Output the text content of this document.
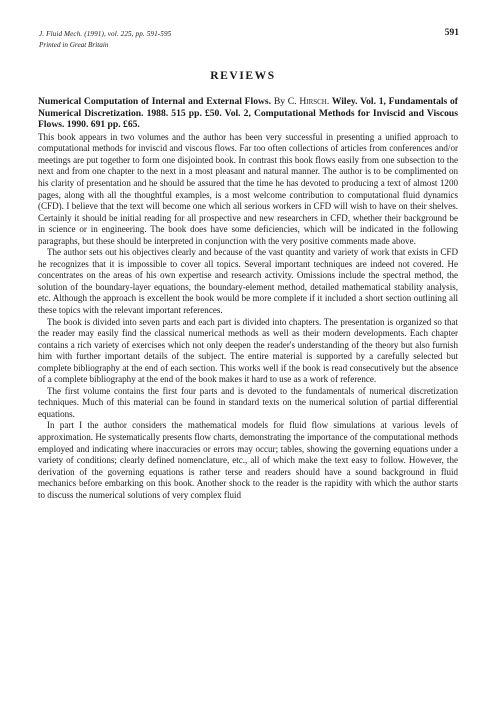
J. Fluid Mech. (1991), vol. 225, pp. 591-595
Printed in Great Britain
591
REVIEWS

Numerical Computation of Internal and External Flows. By C. Hirsch. Wiley. Vol. 1, Fundamentals of Numerical Discretization. 1988. 515 pp. £50. Vol. 2, Computational Methods for Inviscid and Viscous Flows. 1990. 691 pp. £65.

This book appears in two volumes and the author has been very successful in presenting a unified approach to computational methods for inviscid and viscous flows. Far too often collections of articles from conferences and/or meetings are put together to form one disjointed book. In contrast this book flows easily from one subsection to the next and from one chapter to the next in a most pleasant and natural manner. The author is to be complimented on his clarity of presentation and he should be assured that the time he has devoted to producing a text of almost 1200 pages, along with all the thoughtful examples, is a most welcome contribution to computational fluid dynamics (CFD). I believe that the text will become one which all serious workers in CFD will wish to have on their shelves. Certainly it should be initial reading for all prospective and new researchers in CFD, whether their background be in science or in engineering. The book does have some deficiencies, which will be indicated in the following paragraphs, but these should be interpreted in conjunction with the very positive comments made above.

The author sets out his objectives clearly and because of the vast quantity and variety of work that exists in CFD he recognizes that it is impossible to cover all topics. Several important techniques are indeed not covered. He concentrates on the areas of his own expertise and research activity. Omissions include the spectral method, the solution of the boundary-layer equations, the boundary-element method, detailed mathematical stability analysis, etc. Although the approach is excellent the book would be more complete if it included a short section outlining all these topics with the relevant important references.

The book is divided into seven parts and each part is divided into chapters. The presentation is organized so that the reader may easily find the classical numerical methods as well as their modern developments. Each chapter contains a rich variety of exercises which not only deepen the reader's understanding of the theory but also furnish him with further important details of the subject. The entire material is supported by a carefully selected but complete bibliography at the end of each section. This works well if the book is read consecutively but the absence of a complete bibliography at the end of the book makes it hard to use as a work of reference.

The first volume contains the first four parts and is devoted to the fundamentals of numerical discretization techniques. Much of this material can be found in standard texts on the numerical solution of partial differential equations.

In part I the author considers the mathematical models for fluid flow simulations at various levels of approximation. He systematically presents flow charts, demonstrating the importance of the computational methods employed and indicating where inaccuracies or errors may occur; tables, showing the governing equations under a variety of conditions; clearly defined nomenclature, etc., all of which make the text easy to follow. However, the derivation of the governing equations is rather terse and readers should have a sound background in fluid mechanics before embarking on this book. Another shock to the reader is the rapidity with which the author starts to discuss the numerical solutions of very complex fluid
